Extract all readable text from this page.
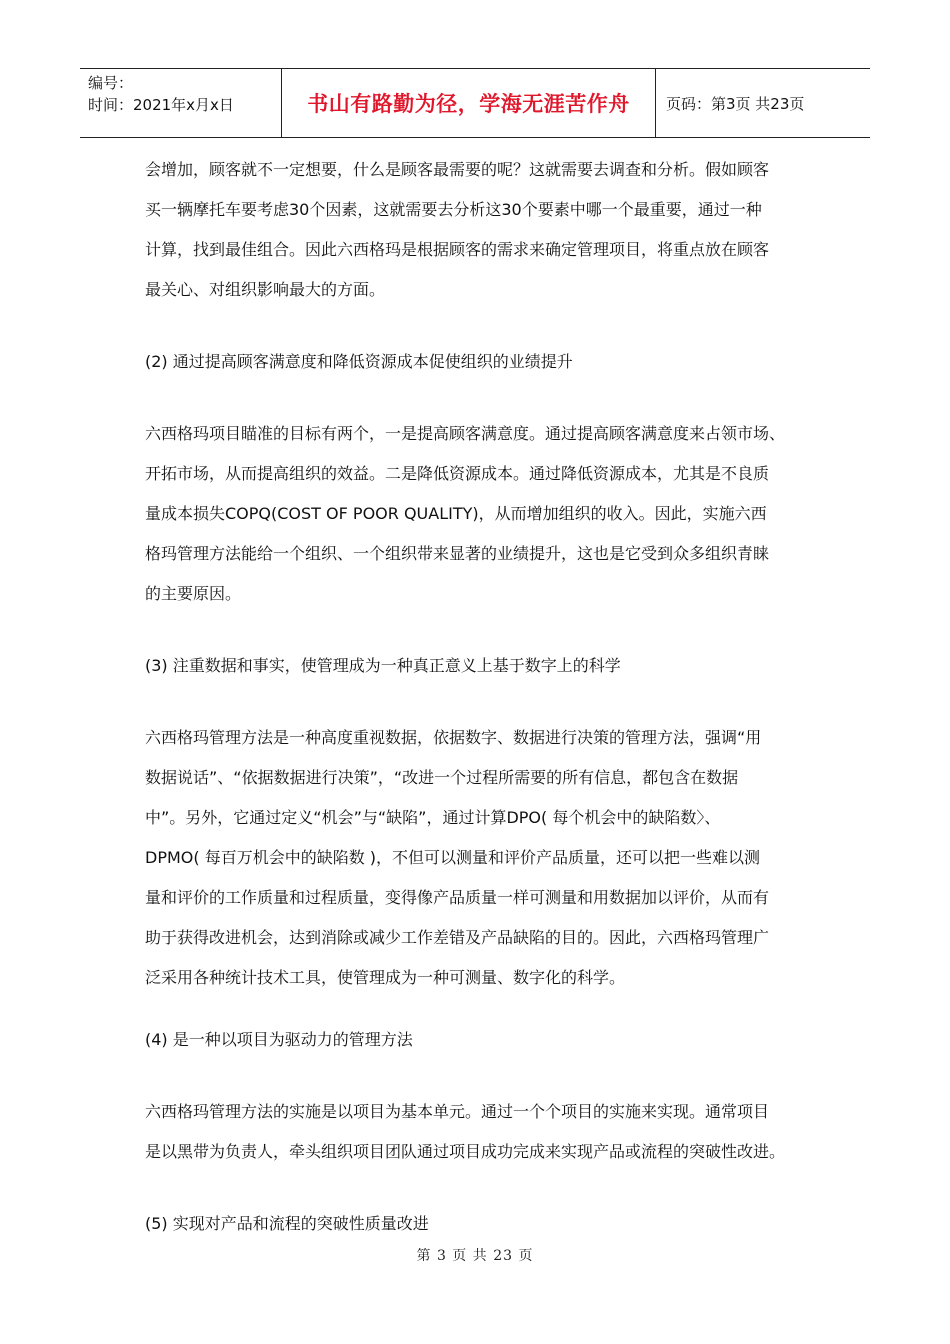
编号：
时间：2021年x月x日	书山有路勤为径，学海无涯苦作舟	页码：第3页 共23页

会增加，顾客就不一定想要，什么是顾客最需要的呢？这就需要去调查和分析。假如顾客

买一辆摩托车要考虑30个因素，这就需要去分析这30个要素中哪一个最重要，通过一种

计算，找到最佳组合。因此六西格玛是根据顾客的需求来确定管理项目，将重点放在顾客

最关心、对组织影响最大的方面。

(2) 通过提高顾客满意度和降低资源成本促使组织的业绩提升

六西格玛项目瞄准的目标有两个，一是提高顾客满意度。通过提高顾客满意度来占领市场、

开拓市场，从而提高组织的效益。二是降低资源成本。通过降低资源成本，尤其是不良质

量成本损失COPQ(COST OF POOR QUALITY)，从而增加组织的收入。因此，实施六西

格玛管理方法能给一个组织、一个组织带来显著的业绩提升，这也是它受到众多组织青睐

的主要原因。

(3) 注重数据和事实，使管理成为一种真正意义上基于数字上的科学

六西格玛管理方法是一种高度重视数据，依据数字、数据进行决策的管理方法，强调“用

数据说话”、“依据数据进行决策”，“改进一个过程所需要的所有信息，都包含在数据

中”。另外，它通过定义“机会”与“缺陷”，通过计算DPO( 每个机会中的缺陷数〉、

DPMO( 每百万机会中的缺陷数 )，不但可以测量和评价产品质量，还可以把一些难以测

量和评价的工作质量和过程质量，变得像产品质量一样可测量和用数据加以评价，从而有

助于获得改进机会，达到消除或减少工作差错及产品缺陷的目的。因此，六西格玛管理广

泛采用各种统计技术工具，使管理成为一种可测量、数字化的科学。

(4) 是一种以项目为驱动力的管理方法

六西格玛管理方法的实施是以项目为基本单元。通过一个个项目的实施来实现。通常项目

是以黑带为负责人，牵头组织项目团队通过项目成功完成来实现产品或流程的突破性改进。

(5) 实现对产品和流程的突破性质量改进

第 3 页 共 23 页
